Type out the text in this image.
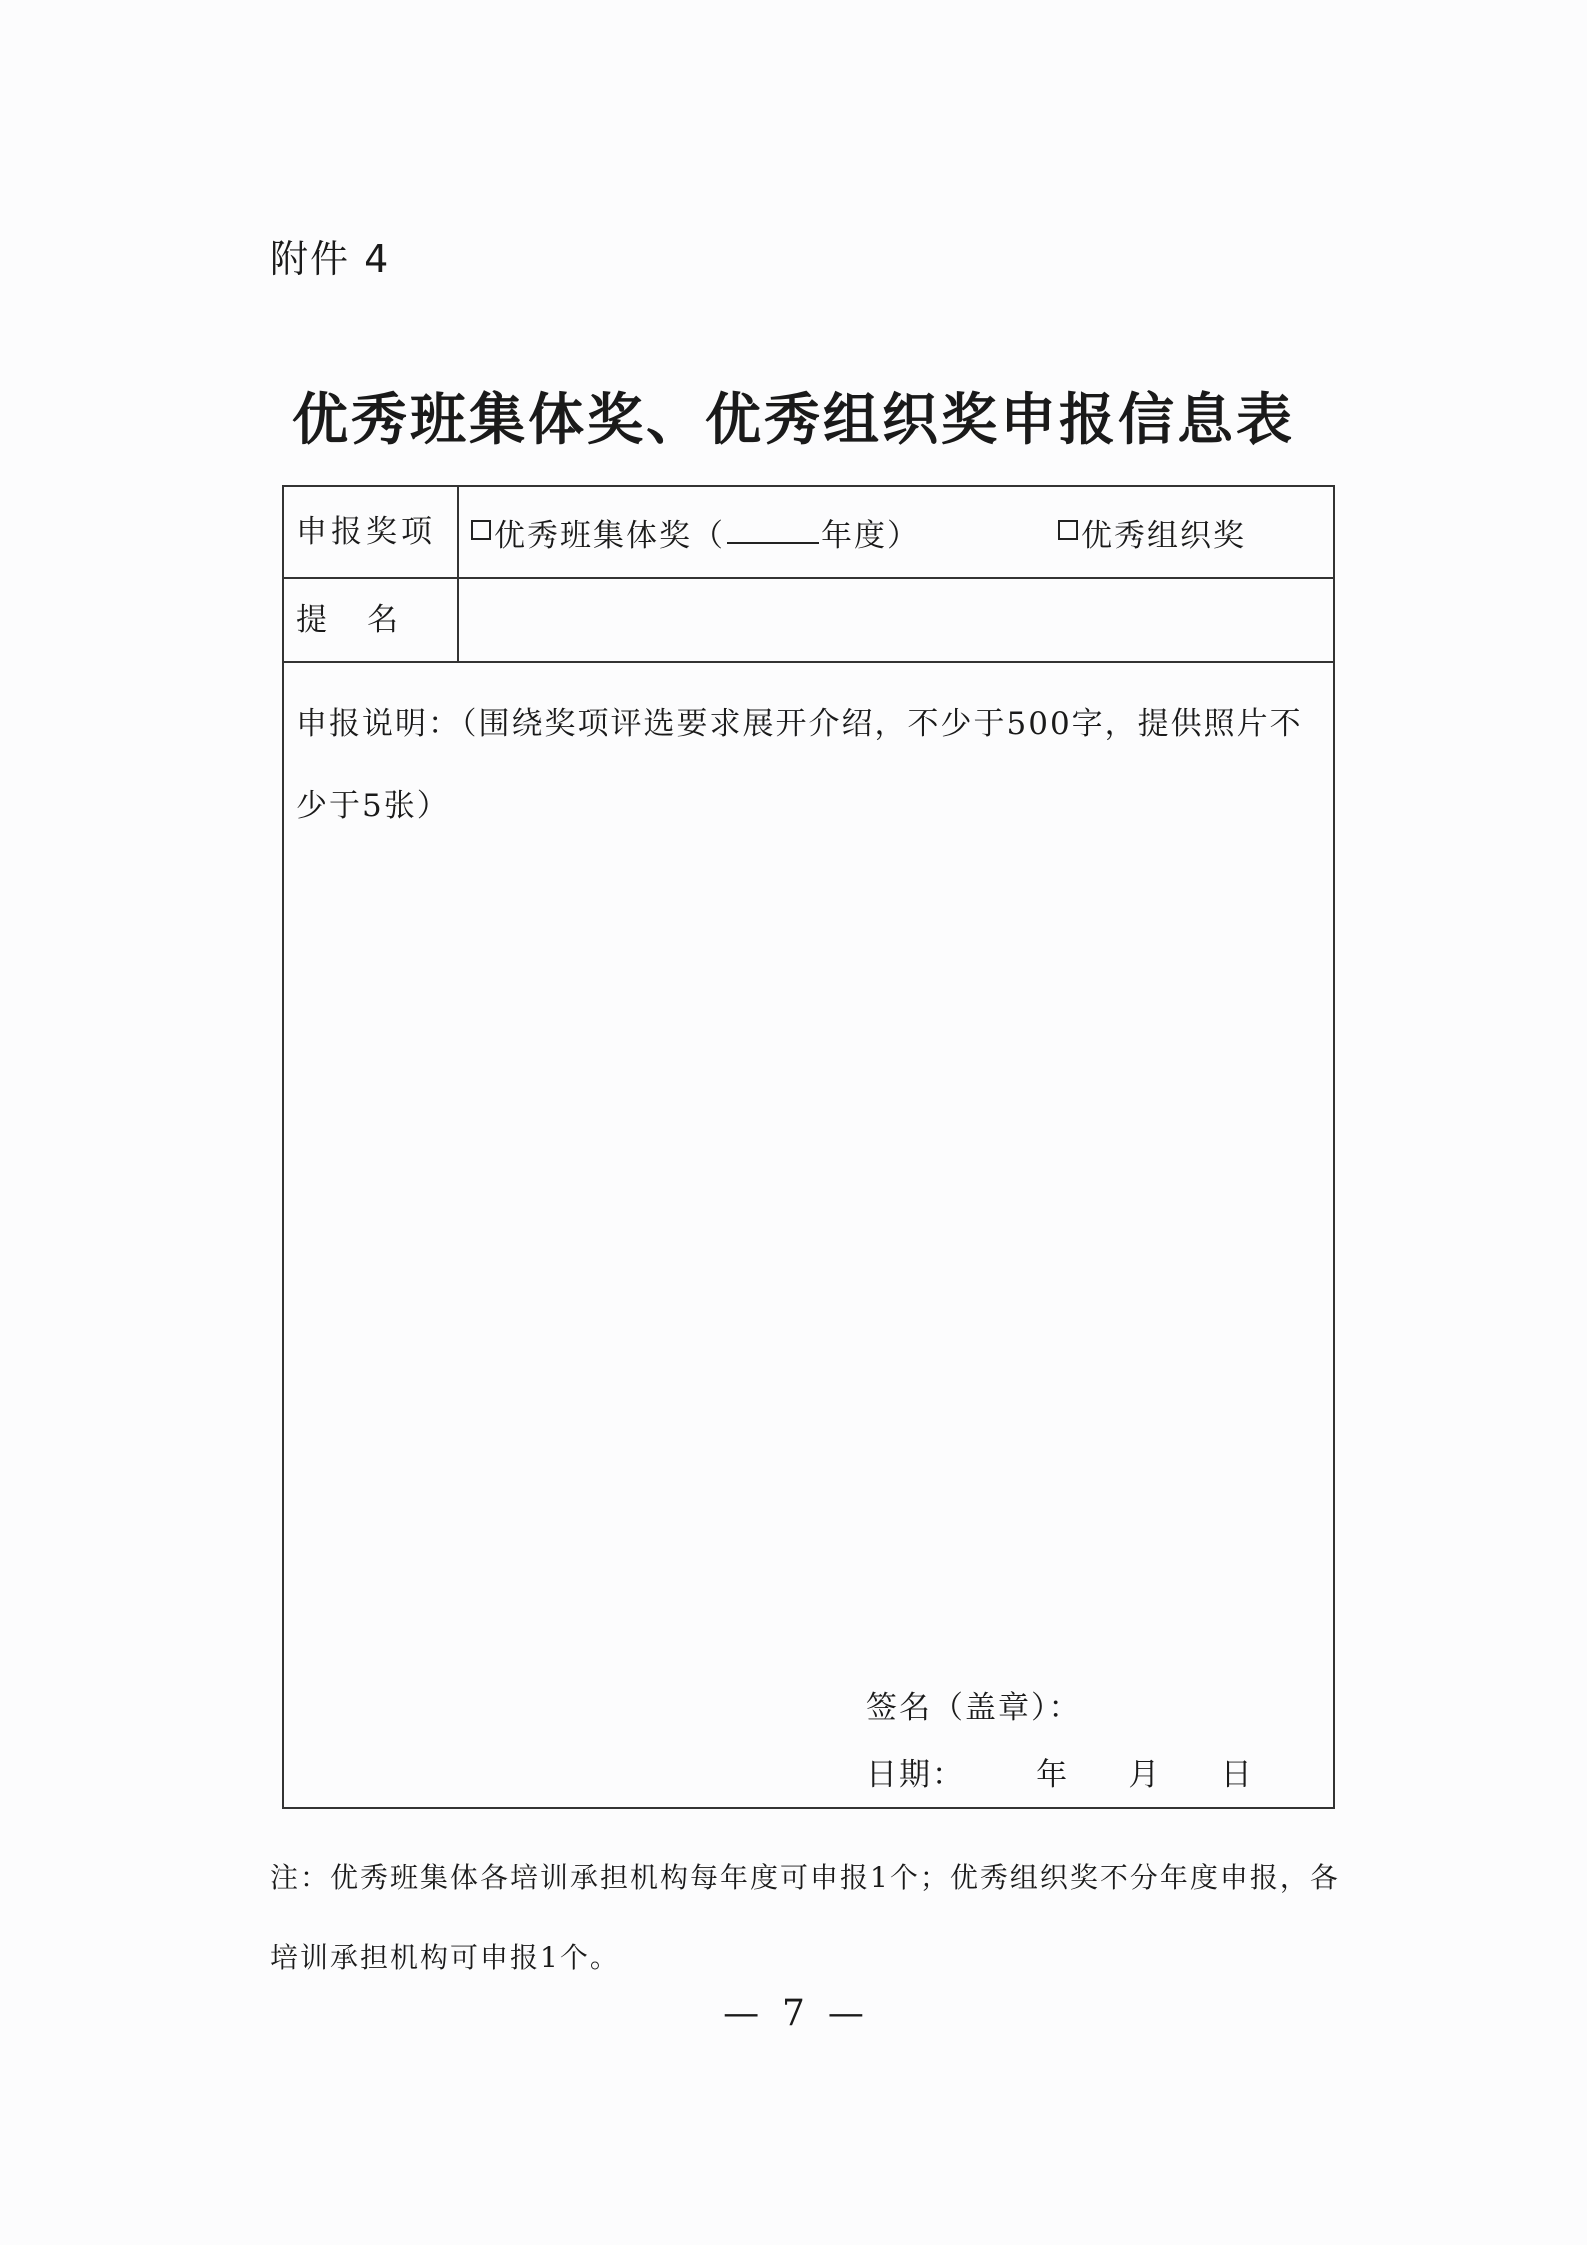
附件 4
优秀班集体奖、优秀组织奖申报信息表
申报奖项	优秀班集体奖（	年度）	优秀组织奖
提名
申报说明：（围绕奖项评选要求展开介绍，不少于500字，提供照片不少于5张）
签名（盖章）：
日期： 年 月 日
注：优秀班集体各培训承担机构每年度可申报1个；优秀组织奖不分年度申报，各培训承担机构可申报1个。
—  7  —
